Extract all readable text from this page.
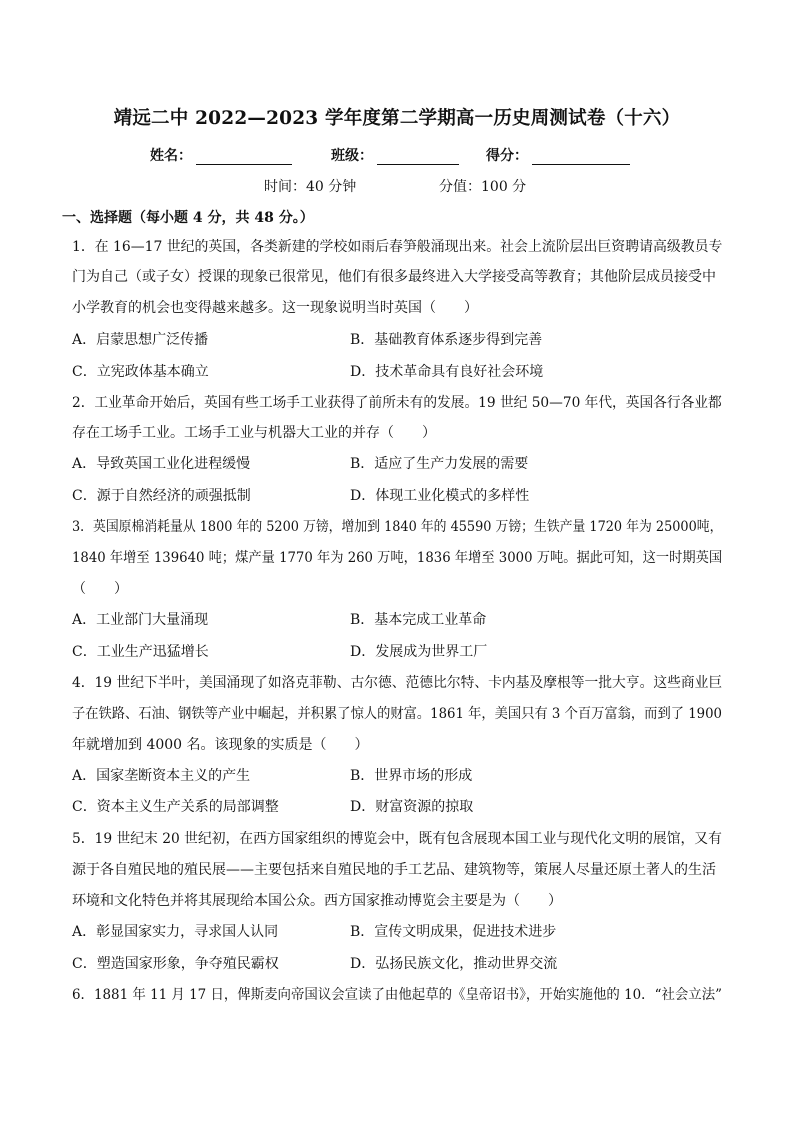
靖远二中 2022—2023 学年度第二学期高一历史周测试卷（十六）
姓名：	班级：	得分：
时间：40 分钟	分值：100 分
一、选择题（每小题 4 分，共 48 分。）
1．在 16—17 世纪的英国，各类新建的学校如雨后春笋般涌现出来。社会上流阶层出巨资聘请高级教员专
门为自己（或子女）授课的现象已很常见，他们有很多最终进入大学接受高等教育；其他阶层成员接受中
小学教育的机会也变得越来越多。这一现象说明当时英国（　　）
A．启蒙思想广泛传播	B．基础教育体系逐步得到完善
C．立宪政体基本确立	D．技术革命具有良好社会环境
2．工业革命开始后，英国有些工场手工业获得了前所未有的发展。19 世纪 50—70 年代，英国各行各业都
存在工场手工业。工场手工业与机器大工业的并存（　　）
A．导致英国工业化进程缓慢	B．适应了生产力发展的需要
C．源于自然经济的顽强抵制	D．体现工业化模式的多样性
3．英国原棉消耗量从 1800 年的 5200 万镑，增加到 1840 年的 45590 万镑；生铁产量 1720 年为 25000吨，
1840 年增至 139640 吨；煤产量 1770 年为 260 万吨，1836 年增至 3000 万吨。据此可知，这一时期英国
（　　）
A．工业部门大量涌现	B．基本完成工业革命
C．工业生产迅猛增长	D．发展成为世界工厂
4．19 世纪下半叶，美国涌现了如洛克菲勒、古尔德、范德比尔特、卡内基及摩根等一批大亨。这些商业巨
子在铁路、石油、钢铁等产业中崛起，并积累了惊人的财富。1861 年，美国只有 3 个百万富翁，而到了 1900
年就增加到 4000 名。该现象的实质是（　　）
A．国家垄断资本主义的产生	B．世界市场的形成
C．资本主义生产关系的局部调整	D．财富资源的掠取
5．19 世纪末 20 世纪初，在西方国家组织的博览会中，既有包含展现本国工业与现代化文明的展馆，又有
源于各自殖民地的殖民展——主要包括来自殖民地的手工艺品、建筑物等，策展人尽量还原土著人的生活
环境和文化特色并将其展现给本国公众。西方国家推动博览会主要是为（　　）
A．彰显国家实力，寻求国人认同	B．宣传文明成果，促进技术进步
C．塑造国家形象，争夺殖民霸权	D．弘扬民族文化，推动世界交流
6．1881 年 11 月 17 日，俾斯麦向帝国议会宣读了由他起草的《皇帝诏书》，开始实施他的 10．“社会立法”
